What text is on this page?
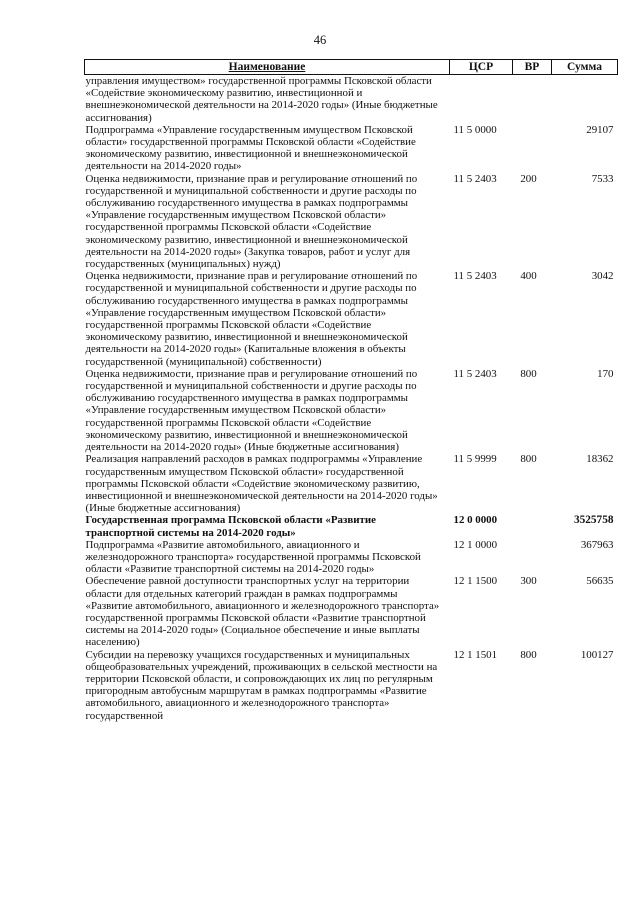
46
Наименование	ЦСР	ВР	Сумма
управления имуществом» государственной программы Псковской области «Содействие экономическому развитию, инвестиционной и внешнеэкономической деятельности на 2014-2020 годы» (Иные бюджетные ассигнования)			
Подпрограмма «Управление государственным имуществом Псковской области» государственной программы Псковской области «Содействие экономическому развитию, инвестиционной и внешнеэкономической деятельности на 2014-2020 годы»	11 5 0000		29107
Оценка недвижимости, признание прав и регулирование отношений по государственной и муниципальной собственности и другие расходы по обслуживанию государственного имущества в рамках подпрограммы «Управление государственным имуществом Псковской области» государственной программы Псковской области «Содействие экономическому развитию, инвестиционной и внешнеэкономической деятельности на 2014-2020 годы» (Закупка товаров, работ и услуг для государственных (муниципальных) нужд)	11 5 2403	200	7533
Оценка недвижимости, признание прав и регулирование отношений по государственной и муниципальной собственности и другие расходы по обслуживанию государственного имущества в рамках подпрограммы «Управление государственным имуществом Псковской области» государственной программы Псковской области «Содействие экономическому развитию, инвестиционной и внешнеэкономической деятельности на 2014-2020 годы» (Капитальные вложения в объекты государственной (муниципальной) собственности)	11 5 2403	400	3042
Оценка недвижимости, признание прав и регулирование отношений по государственной и муниципальной собственности и другие расходы по обслуживанию государственного имущества в рамках подпрограммы «Управление государственным имуществом Псковской области» государственной программы Псковской области «Содействие экономическому развитию, инвестиционной и внешнеэкономической деятельности на 2014-2020 годы» (Иные бюджетные ассигнования)	11 5 2403	800	170
Реализация направлений расходов в рамках подпрограммы «Управление государственным имуществом Псковской области» государственной программы Псковской области «Содействие экономическому развитию, инвестиционной и внешнеэкономической деятельности на 2014-2020 годы» (Иные бюджетные ассигнования)	11 5 9999	800	18362
Государственная программа Псковской области «Развитие транспортной системы на 2014-2020 годы»	12 0 0000		3525758
Подпрограмма «Развитие автомобильного, авиационного и железнодорожного транспорта» государственной программы Псковской области «Развитие транспортной системы на 2014-2020 годы»	12 1 0000		367963
Обеспечение равной доступности транспортных услуг на территории области для отдельных категорий граждан в рамках подпрограммы «Развитие автомобильного, авиационного и железнодорожного транспорта» государственной программы Псковской области «Развитие транспортной системы на 2014-2020 годы» (Социальное обеспечение и иные выплаты населению)	12 1 1500	300	56635
Субсидии на перевозку учащихся государственных и муниципальных общеобразовательных учреждений, проживающих в сельской местности на территории Псковской области, и сопровождающих их лиц по регулярным пригородным автобусным маршрутам в рамках подпрограммы «Развитие автомобильного, авиационного и железнодорожного транспорта» государственной	12 1 1501	800	100127
